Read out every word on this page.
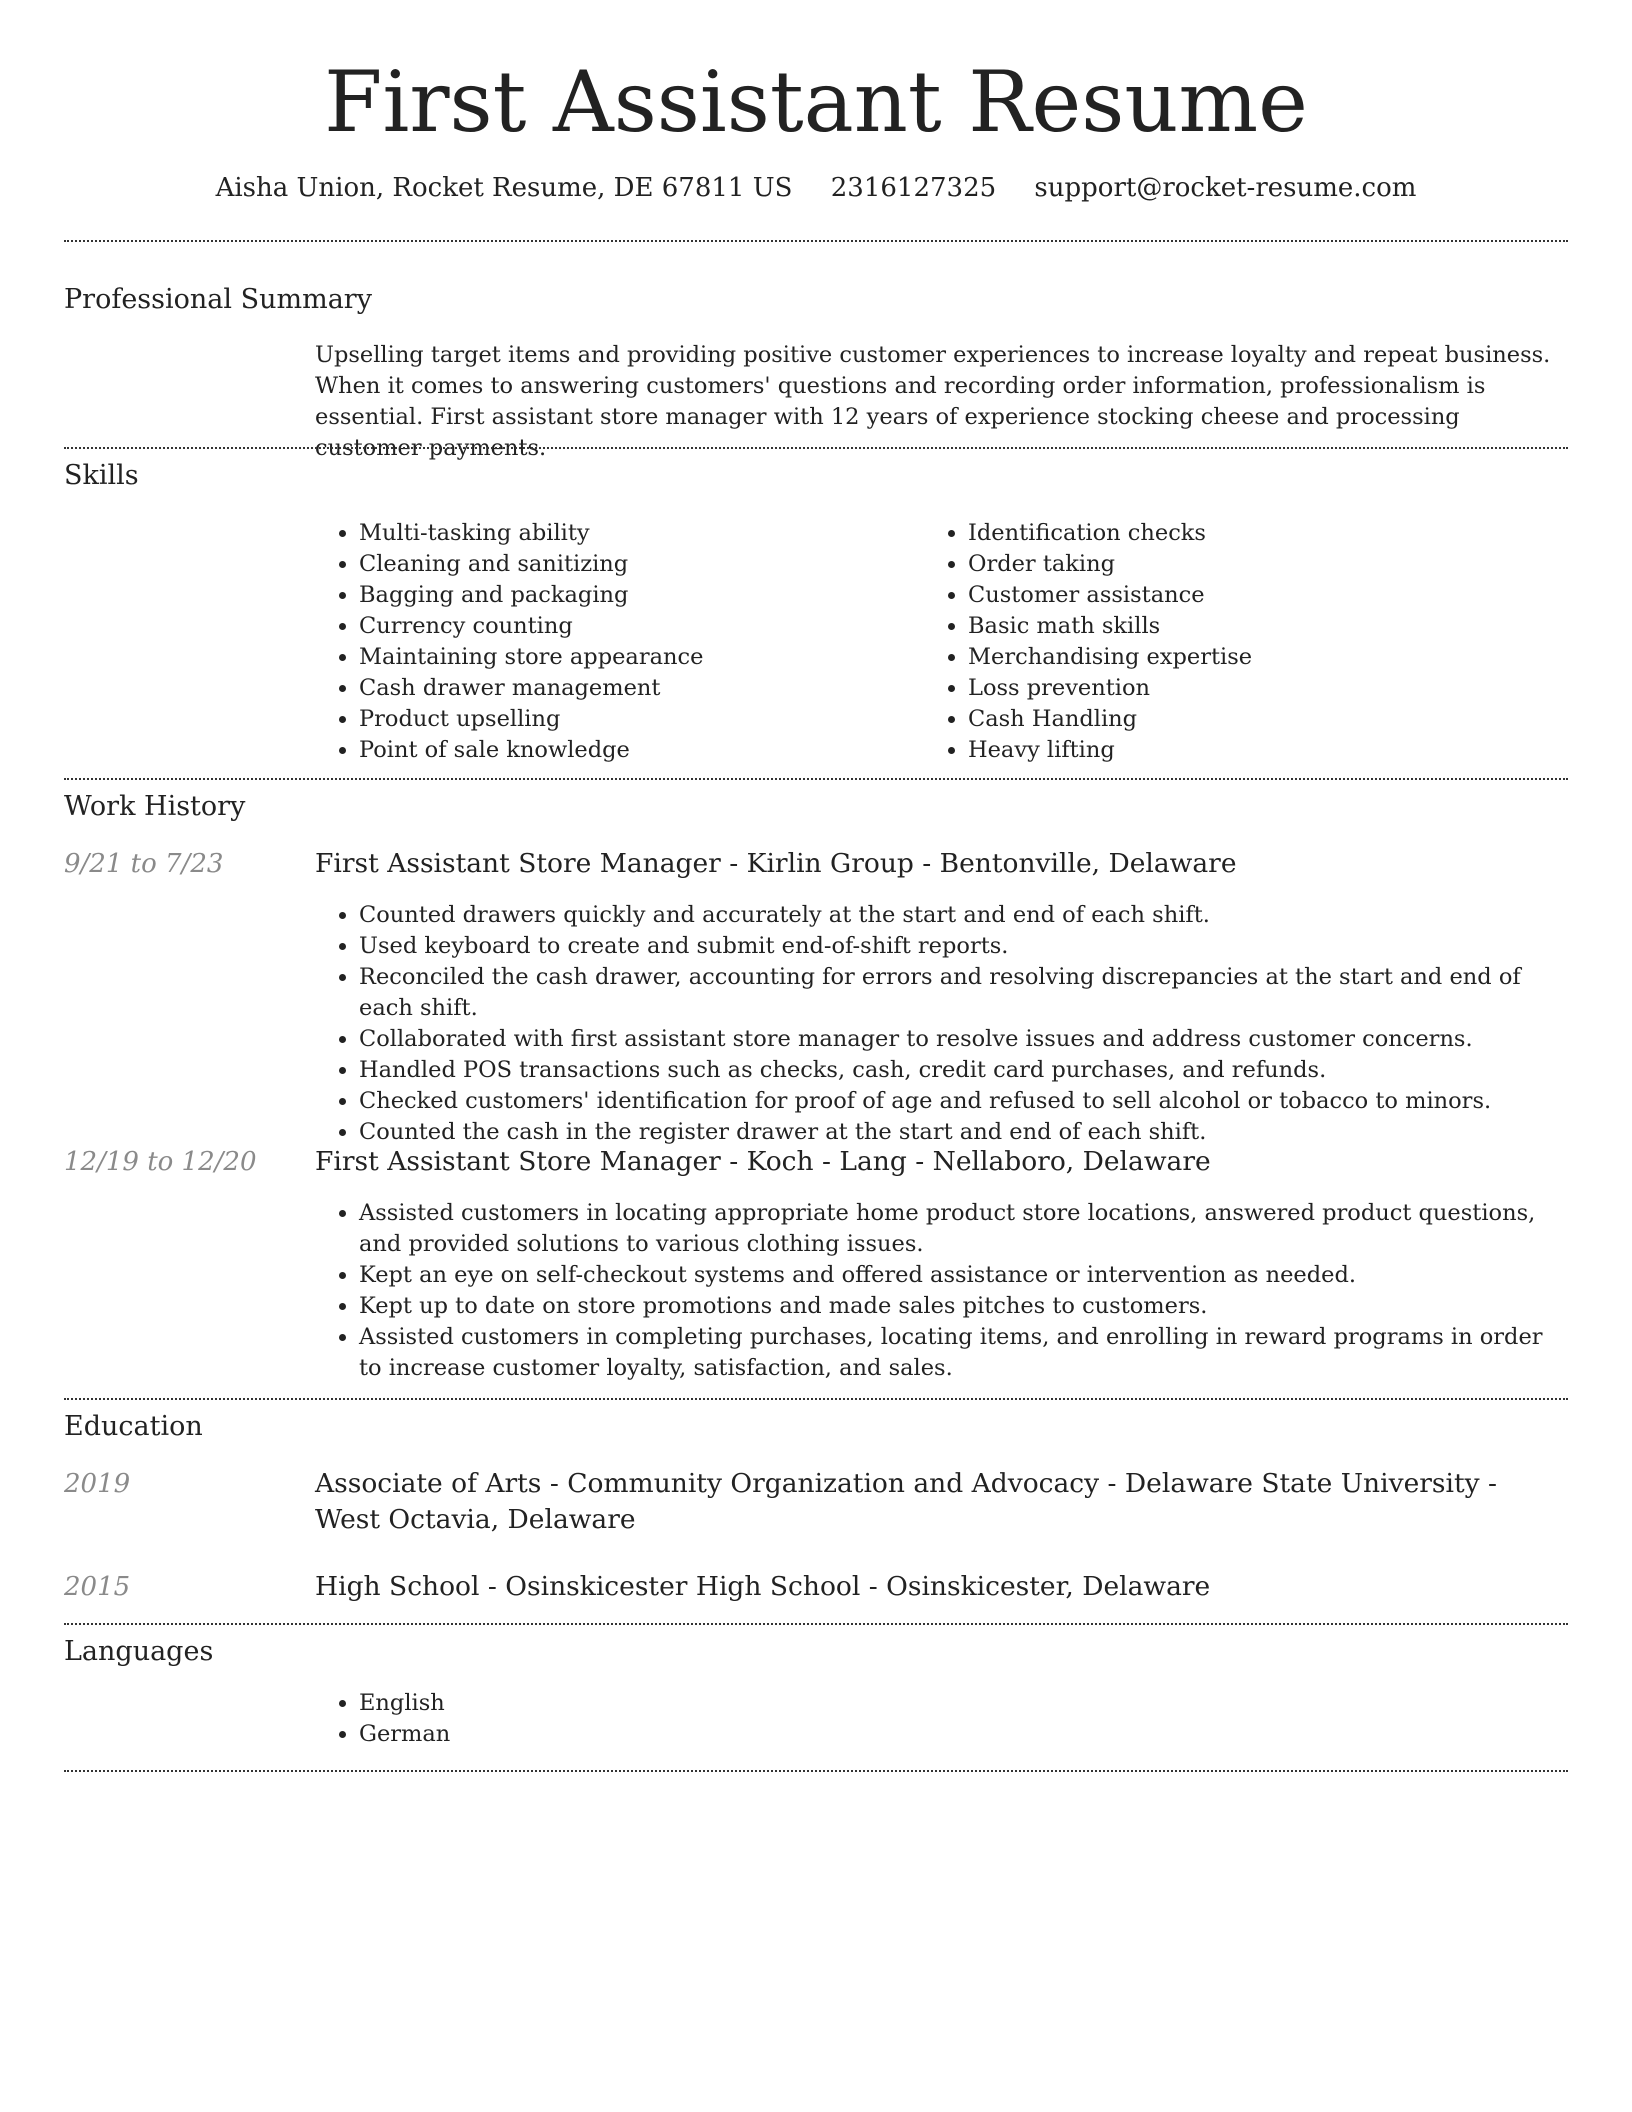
First Assistant Resume
Aisha Union, Rocket Resume, DE 67811 US 2316127325 support@rocket-resume.com
Professional Summary

Upselling target items and providing positive customer experiences to increase loyalty and repeat business. When it comes to answering customers' questions and recording order information, professionalism is essential. First assistant store manager with 12 years of experience stocking cheese and processing customer payments.

Skills
• Multi-tasking ability
• Cleaning and sanitizing
• Bagging and packaging
• Currency counting
• Maintaining store appearance
• Cash drawer management
• Product upselling
• Point of sale knowledge
• Identification checks
• Order taking
• Customer assistance
• Basic math skills
• Merchandising expertise
• Loss prevention
• Cash Handling
• Heavy lifting
Work History
9/21 to 7/23	First Assistant Store Manager - Kirlin Group - Bentonville, Delaware
• Counted drawers quickly and accurately at the start and end of each shift.
• Used keyboard to create and submit end-of-shift reports.
• Reconciled the cash drawer, accounting for errors and resolving discrepancies at the start and end of each shift.
• Collaborated with first assistant store manager to resolve issues and address customer concerns.
• Handled POS transactions such as checks, cash, credit card purchases, and refunds.
• Checked customers' identification for proof of age and refused to sell alcohol or tobacco to minors.
• Counted the cash in the register drawer at the start and end of each shift.
12/19 to 12/20 First Assistant Store Manager - Koch - Lang - Nellaboro, Delaware
• Assisted customers in locating appropriate home product store locations, answered product questions, and provided solutions to various clothing issues.
• Kept an eye on self-checkout systems and offered assistance or intervention as needed.
• Kept up to date on store promotions and made sales pitches to customers.
• Assisted customers in completing purchases, locating items, and enrolling in reward programs in order to increase customer loyalty, satisfaction, and sales.
Education
2019	Associate of Arts - Community Organization and Advocacy - Delaware State University - West Octavia, Delaware
2015	High School - Osinskicester High School - Osinskicester, Delaware
Languages
• English
• German
